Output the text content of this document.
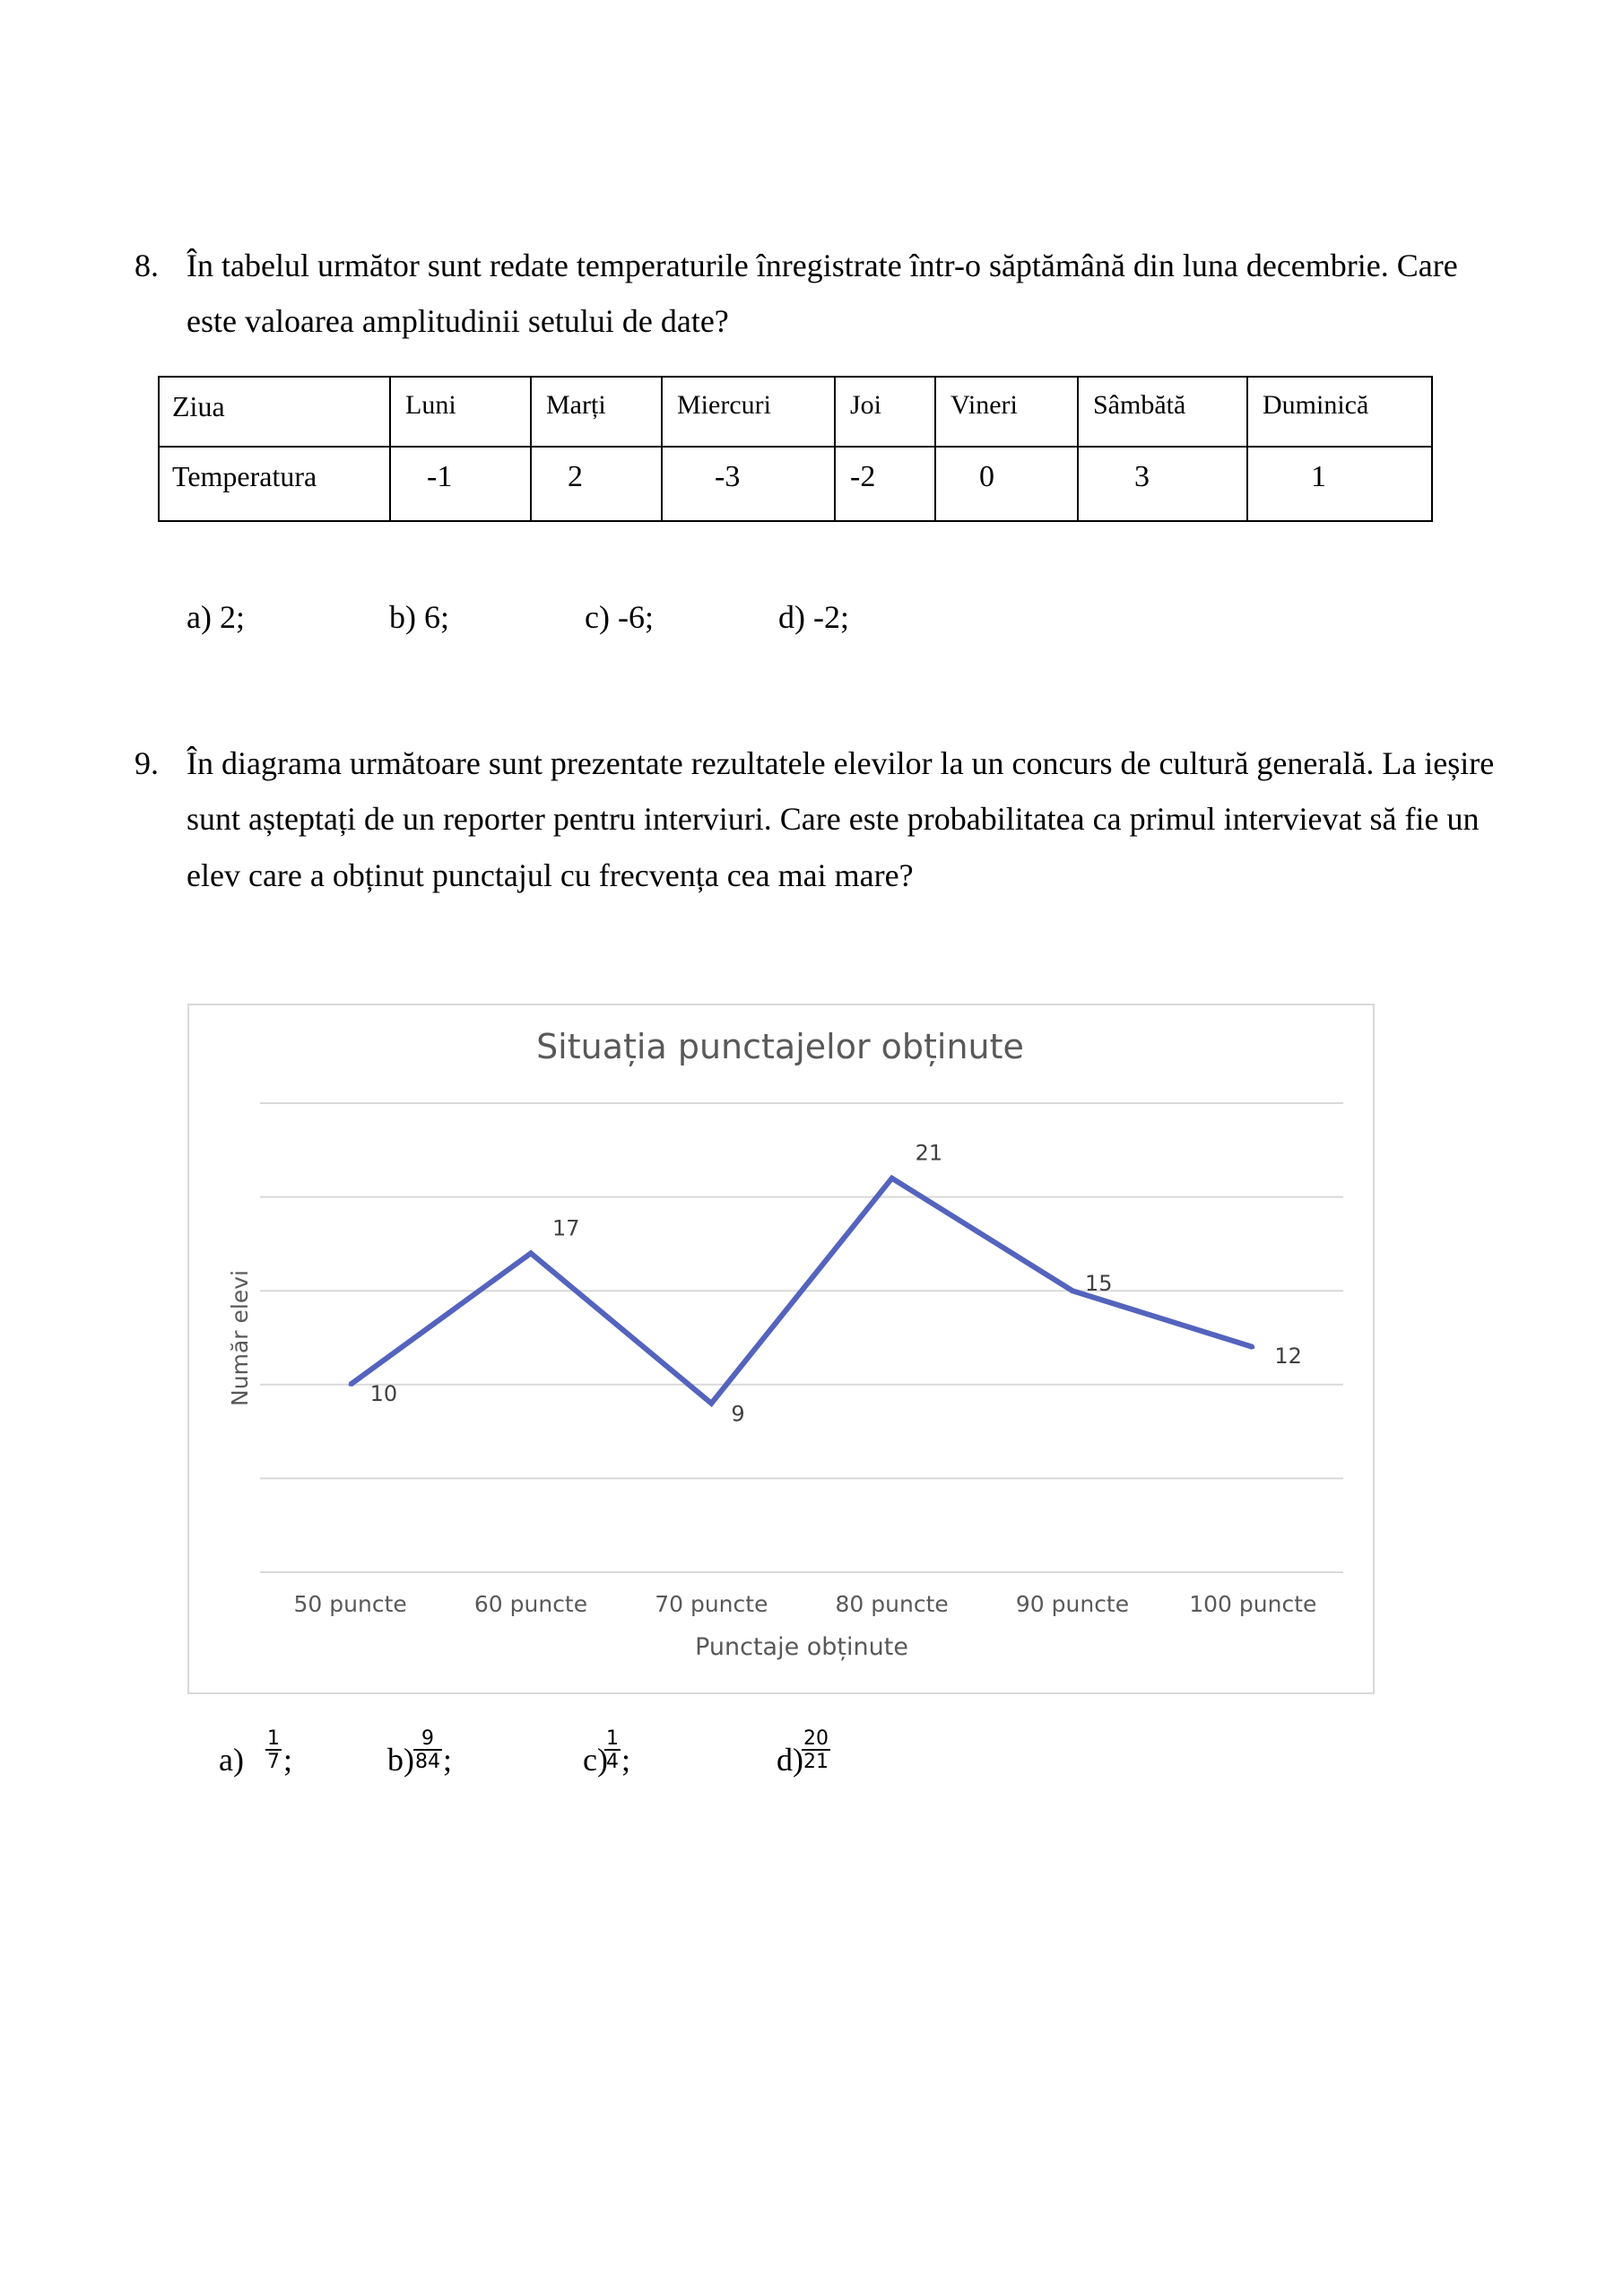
8. În tabelul următor sunt redate temperaturile înregistrate într-o săptămână din luna decembrie. Care
este valoarea amplitudinii setului de date?
Ziua	Luni	Marți	Miercuri	Joi	Vineri	Sâmbătă	Duminică

Temperatura	-1	2	-3	-2	0	3	1
a) 2;	b) 6;	c) -6;	d) -2;
9. În diagrama următoare sunt prezentate rezultatele elevilor la un concurs de cultură generală. La ieșire
sunt așteptați de un reporter pentru interviuri. Care este probabilitatea ca primul intervievat să fie un
elev care a obținut punctajul cu frecvența cea mai mare?
Situația punctajelor obținute
10
17
9
21
15
12
50 puncte	60 puncte	70 puncte	80 puncte	90 puncte	100 puncte
Punctaje obținute
Număr elevi
$a) \frac{1}{7}$ ;	$b) \frac{9}{84}$ ;	c)
$\frac{1}{4}$ ;	d)
$\frac{20}{21}$
